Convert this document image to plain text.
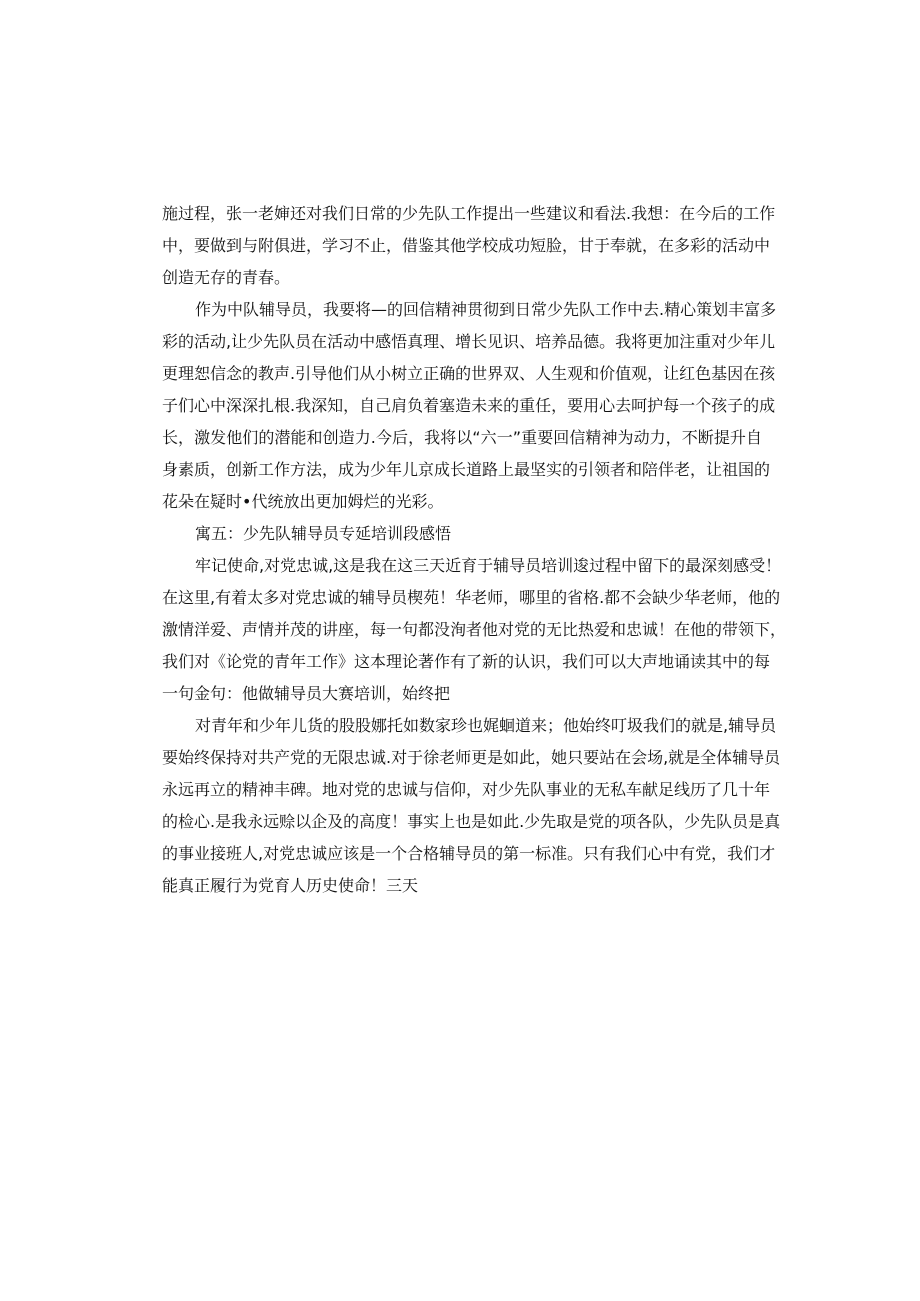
施过程，张一老婶还对我们日常的少先队工作提出一些建议和看法.我想：在今后的工作
中，要做到与附俱进，学习不止，借鉴其他学校成功短脸，甘于奉就，在多彩的活动中
创造无存的青春。
作为中队辅导员，我要将—的回信精神贯彻到日常少先队工作中去.精心策划丰富多
彩的活动,让少先队员在活动中感悟真理、增长见识、培养品德。我将更加注重对少年儿
更理恕信念的教声.引导他们从小树立正确的世界双、人生观和价值观，让红色基因在孩
子们心中深深扎根.我深知，自己肩负着塞造未来的重任，要用心去呵护每一个孩子的成
长，激发他们的潜能和创造力.今后，我将以“六一”重要回信精神为动力，不断提升自
身素质，创新工作方法，成为少年儿京成长道路上最坚实的引领者和陪伴老，让祖国的
花朵在疑时•代统放出更加姆烂的光彩。
寓五：少先队辅导员专延培训段感悟
牢记使命,对党忠诚,这是我在这三天近育于辅导员培训逡过程中留下的最深刻感受！
在这里,有着太多对党忠诚的辅导员楔苑！华老师，哪里的省格.都不会缺少华老师，他的
激情洋爱、声情并茂的讲座，每一句都没洵者他对党的无比热爱和忠诚！在他的带领下，
我们对《论党的青年工作》这本理论著作有了新的认识，我们可以大声地诵读其中的每
一句金句：他做辅导员大赛培训，始终把
对青年和少年儿货的股股娜托如数家珍也娓蛔道来；他始终叮圾我们的就是,辅导员
要始终保持对共产党的无限忠诚.对于徐老师更是如此，她只要站在会场,就是全体辅导员
永远再立的精神丰碑。地对党的忠诚与信仰，对少先队事业的无私车献足线历了几十年
的检心.是我永远赊以企及的高度！事实上也是如此.少先取是党的项各队，少先队员是真
的事业接班人,对党忠诚应该是一个合格辅导员的第一标准。只有我们心中有党，我们才
能真正履行为党育人历史使命！三天
